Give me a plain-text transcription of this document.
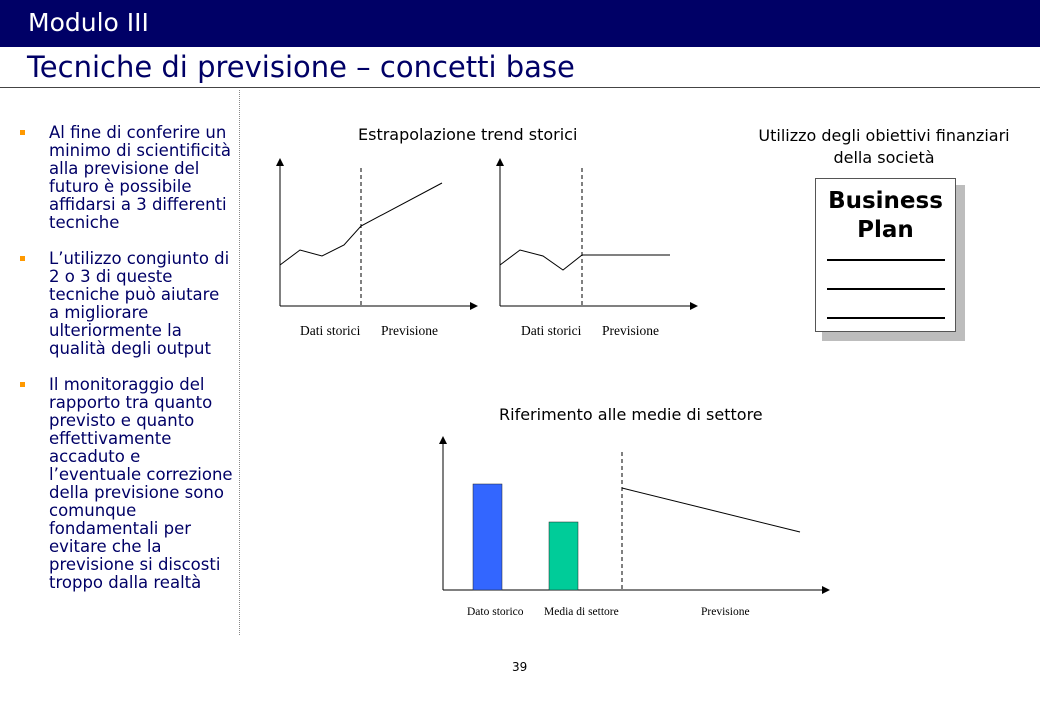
Modulo III
Tecniche di previsione – concetti base
Al fine di conferire un minimo di scientificità alla previsione del futuro è possibile affidarsi a 3 differenti tecniche
L’utilizzo congiunto di 2 o 3 di queste tecniche può aiutare a migliorare ulteriormente la qualità degli output
Il monitoraggio del rapporto tra quanto previsto e quanto effettivamente accaduto e l’eventuale correzione della previsione sono comunque fondamentali per evitare che la previsione si discosti troppo dalla realtà
Estrapolazione trend storici
Dati storici Previsione	Dati storici Previsione
Utilizzo degli obiettivi finanziari
della società
Business
Plan
Riferimento alle medie di settore
Dato storico Media di settore	Previsione
39
